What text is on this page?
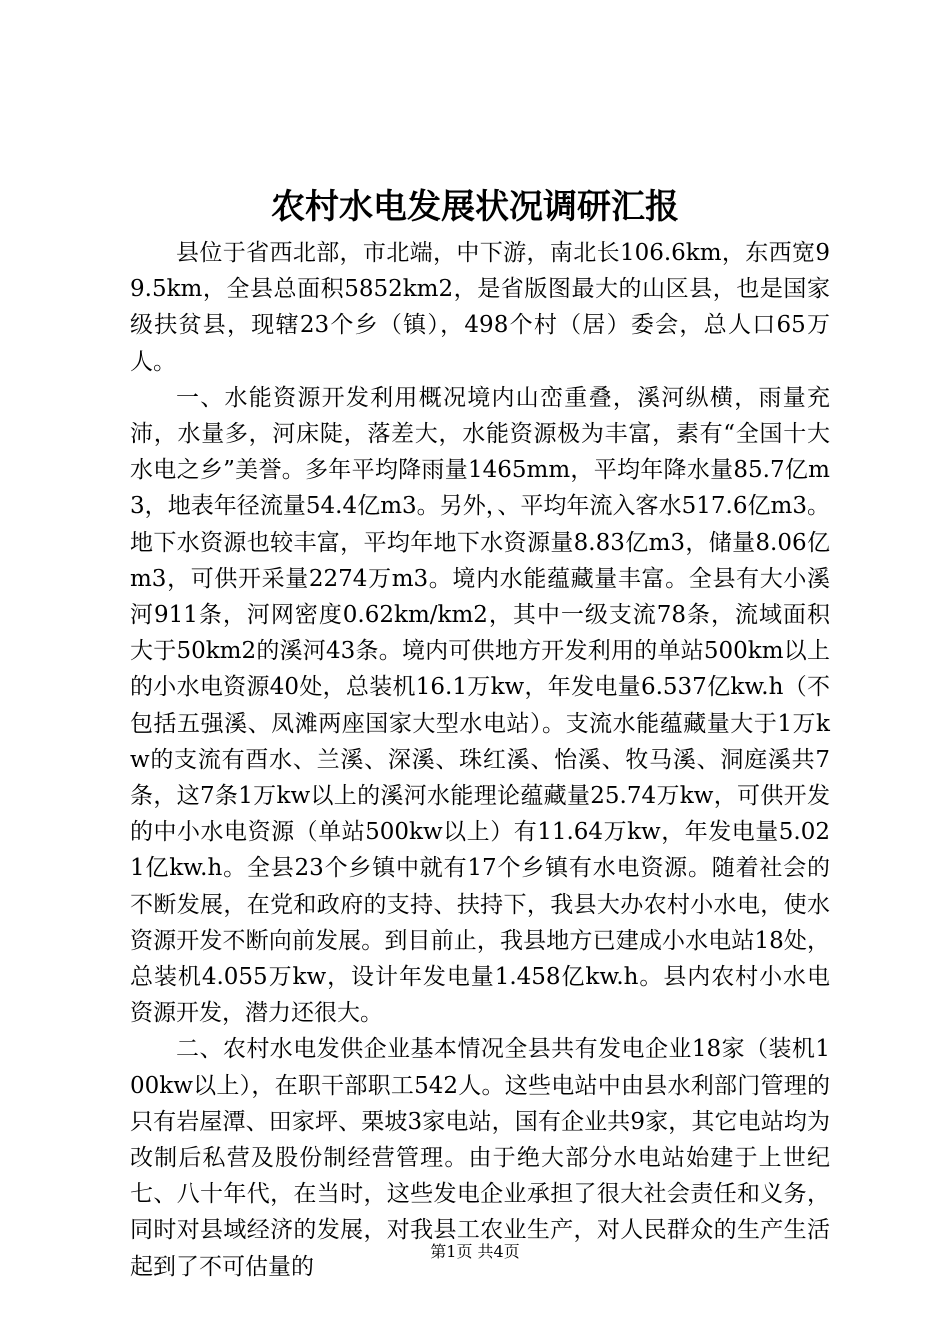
农村水电发展状况调研汇报

县位于省西北部，市北端，中下游，南北长106.6km，东西宽99.5km，全县总面积5852km2，是省版图最大的山区县，也是国家级扶贫县，现辖23个乡（镇），498个村（居）委会，总人口65万人。

一、水能资源开发利用概况境内山峦重叠，溪河纵横，雨量充沛，水量多，河床陡，落差大，水能资源极为丰富，素有“全国十大水电之乡”美誉。多年平均降雨量1465mm，平均年降水量85.7亿m3，地表年径流量54.4亿m3。另外，、平均年流入客水517.6亿m3。地下水资源也较丰富，平均年地下水资源量8.83亿m3，储量8.06亿m3，可供开采量2274万m3。境内水能蕴藏量丰富。全县有大小溪河911条，河网密度0.62km/km2，其中一级支流78条，流域面积大于50km2的溪河43条。境内可供地方开发利用的单站500km以上的小水电资源40处，总装机16.1万kw，年发电量6.537亿kw.h（不包括五强溪、凤滩两座国家大型水电站）。支流水能蕴藏量大于1万kw的支流有酉水、兰溪、深溪、珠红溪、怡溪、牧马溪、洞庭溪共7条，这7条1万kw以上的溪河水能理论蕴藏量25.74万kw，可供开发的中小水电资源（单站500kw以上）有11.64万kw，年发电量5.021亿kw.h。全县23个乡镇中就有17个乡镇有水电资源。随着社会的不断发展，在党和政府的支持、扶持下，我县大办农村小水电，使水资源开发不断向前发展。到目前止，我县地方已建成小水电站18处，总装机4.055万kw，设计年发电量1.458亿kw.h。县内农村小水电资源开发，潜力还很大。

二、农村水电发供企业基本情况全县共有发电企业18家（装机100kw以上），在职干部职工542人。这些电站中由县水利部门管理的只有岩屋潭、田家坪、栗坡3家电站，国有企业共9家，其它电站均为改制后私营及股份制经营管理。由于绝大部分水电站始建于上世纪七、八十年代，在当时，这些发电企业承担了很大社会责任和义务，同时对县域经济的发展，对我县工农业生产，对人民群众的生产生活起到了不可估量的

第1页 共4页
